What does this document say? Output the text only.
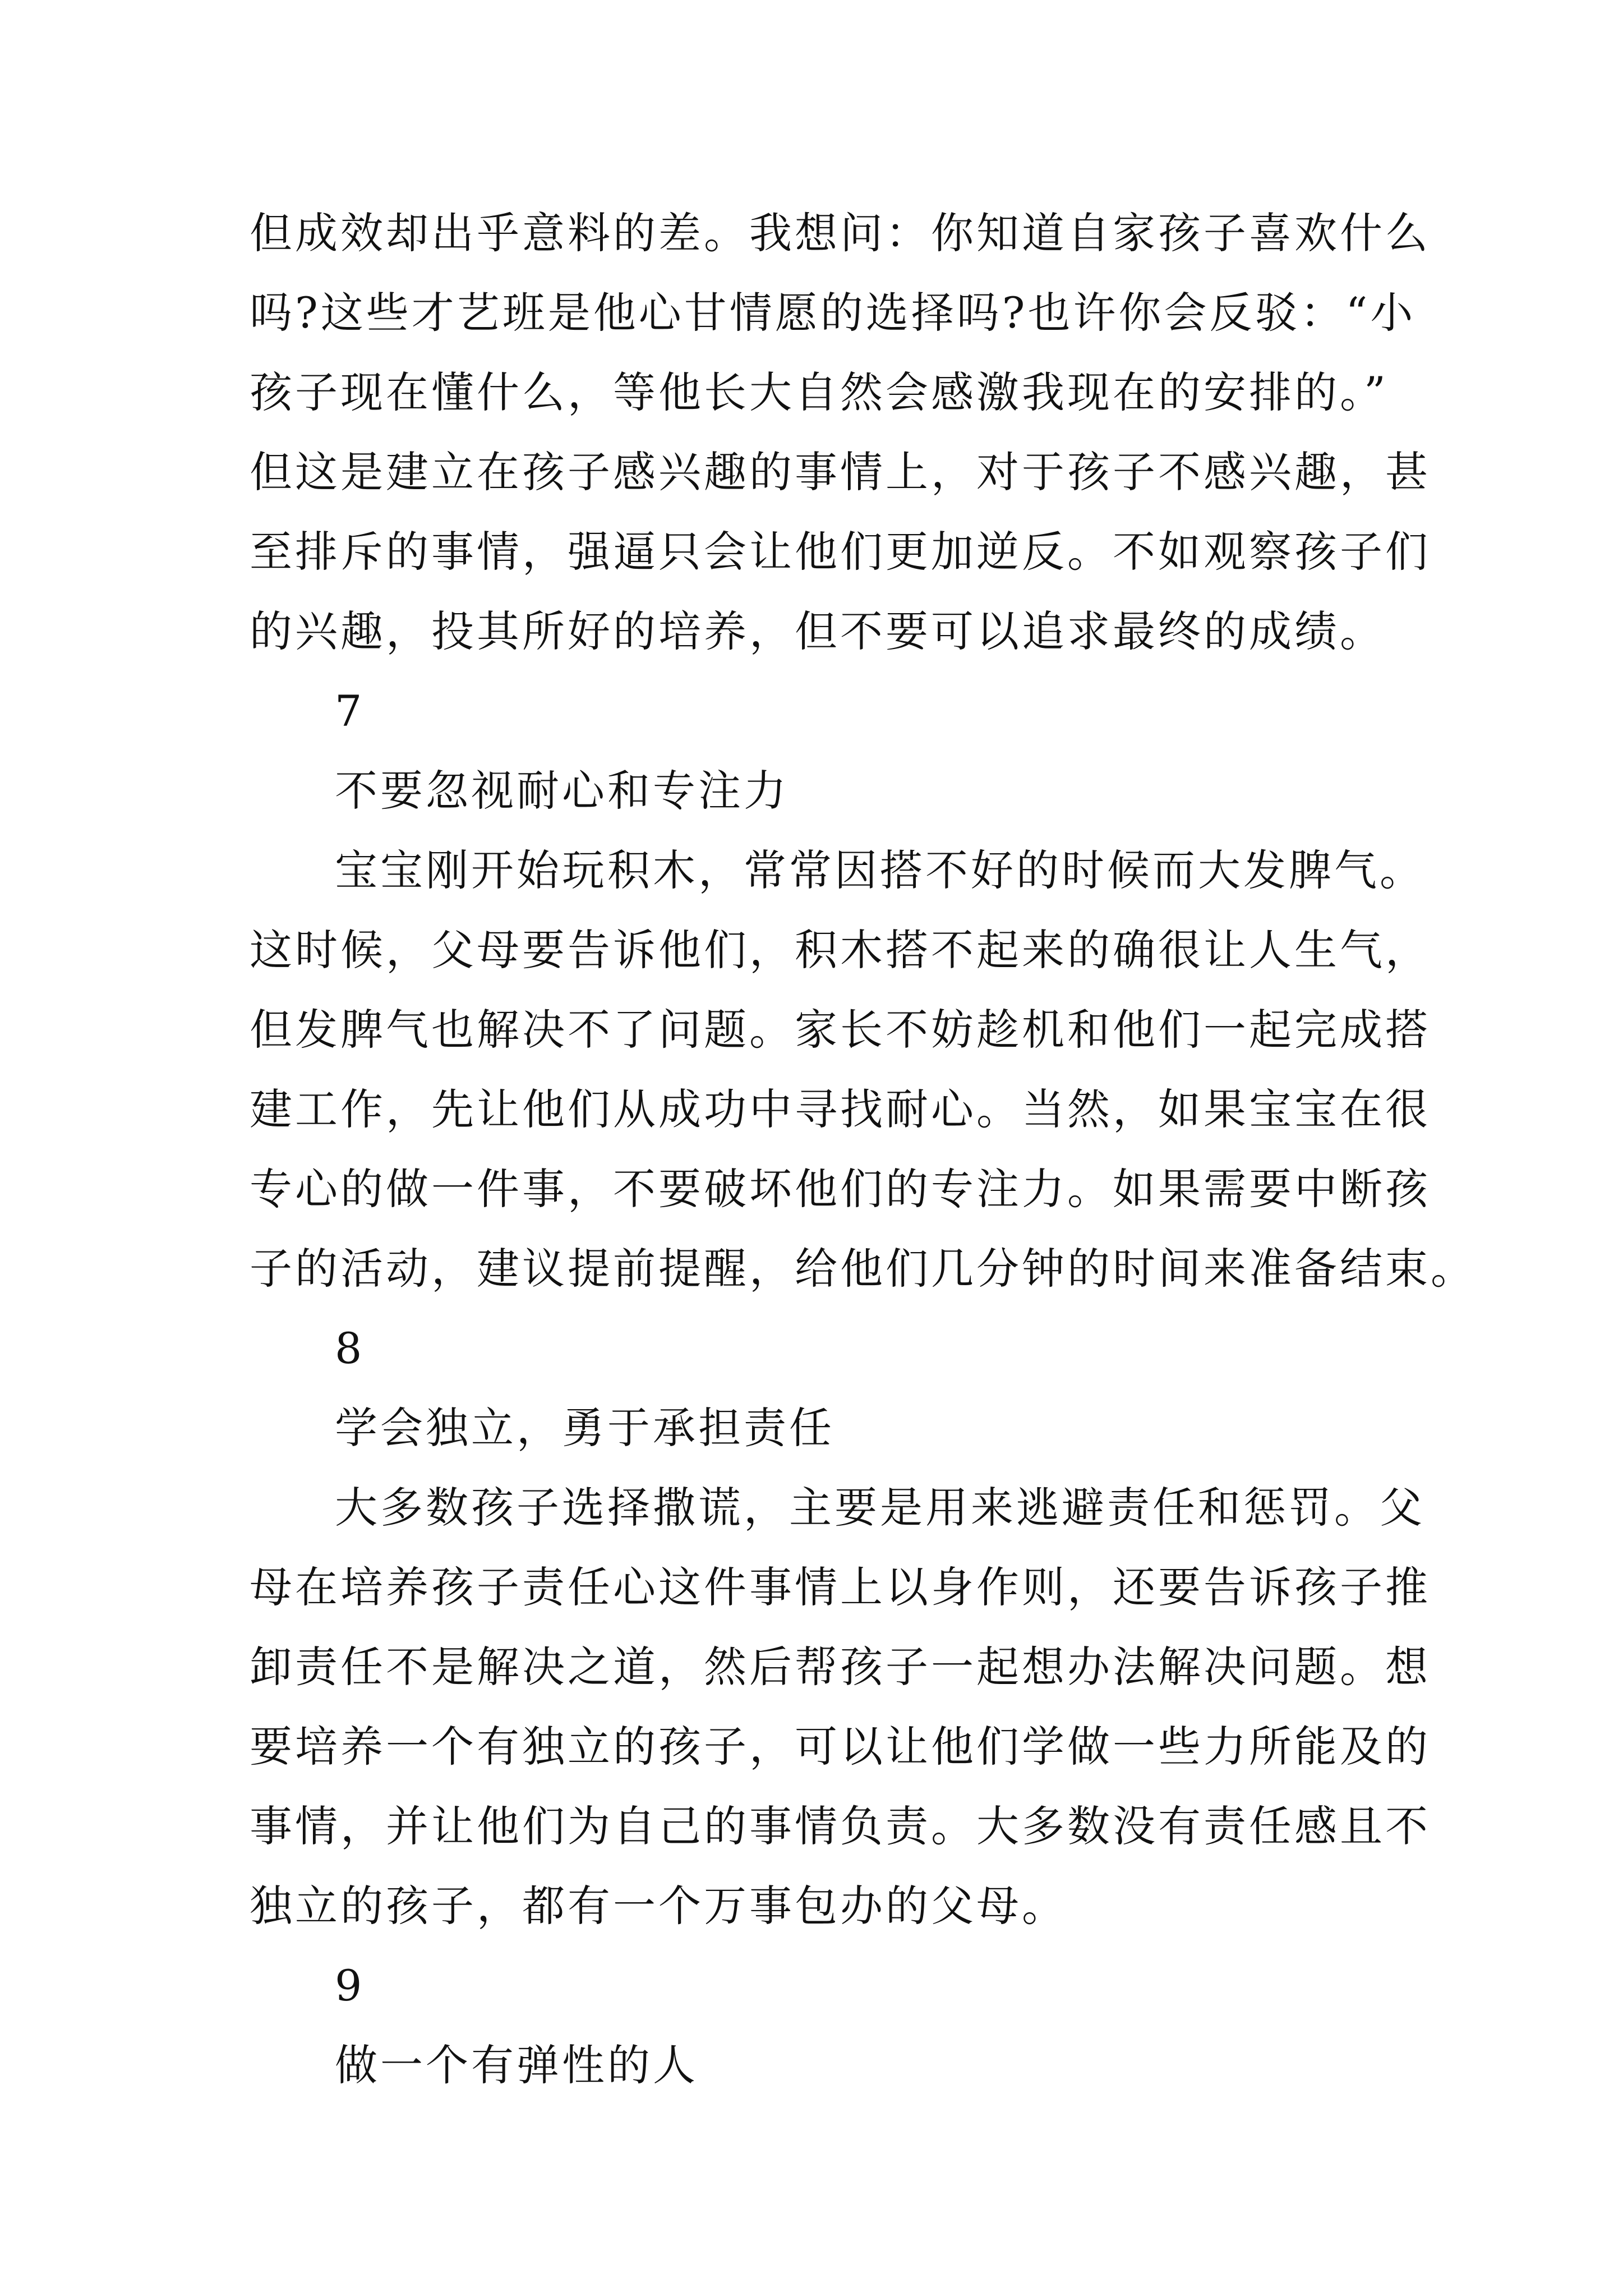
但成效却出乎意料的差。我想问：你知道自家孩子喜欢什么
吗?这些才艺班是他心甘情愿的选择吗?也许你会反驳：“小
孩子现在懂什么，等他长大自然会感激我现在的安排的。”
但这是建立在孩子感兴趣的事情上，对于孩子不感兴趣，甚
至排斥的事情，强逼只会让他们更加逆反。不如观察孩子们
的兴趣，投其所好的培养，但不要可以追求最终的成绩。
7
不要忽视耐心和专注力
宝宝刚开始玩积木，常常因搭不好的时候而大发脾气。
这时候，父母要告诉他们，积木搭不起来的确很让人生气，
但发脾气也解决不了问题。家长不妨趁机和他们一起完成搭
建工作，先让他们从成功中寻找耐心。当然，如果宝宝在很
专心的做一件事，不要破坏他们的专注力。如果需要中断孩
子的活动，建议提前提醒，给他们几分钟的时间来准备结束。
8
学会独立，勇于承担责任
大多数孩子选择撒谎，主要是用来逃避责任和惩罚。父
母在培养孩子责任心这件事情上以身作则，还要告诉孩子推
卸责任不是解决之道，然后帮孩子一起想办法解决问题。想
要培养一个有独立的孩子，可以让他们学做一些力所能及的
事情，并让他们为自己的事情负责。大多数没有责任感且不
独立的孩子，都有一个万事包办的父母。
9
做一个有弹性的人
